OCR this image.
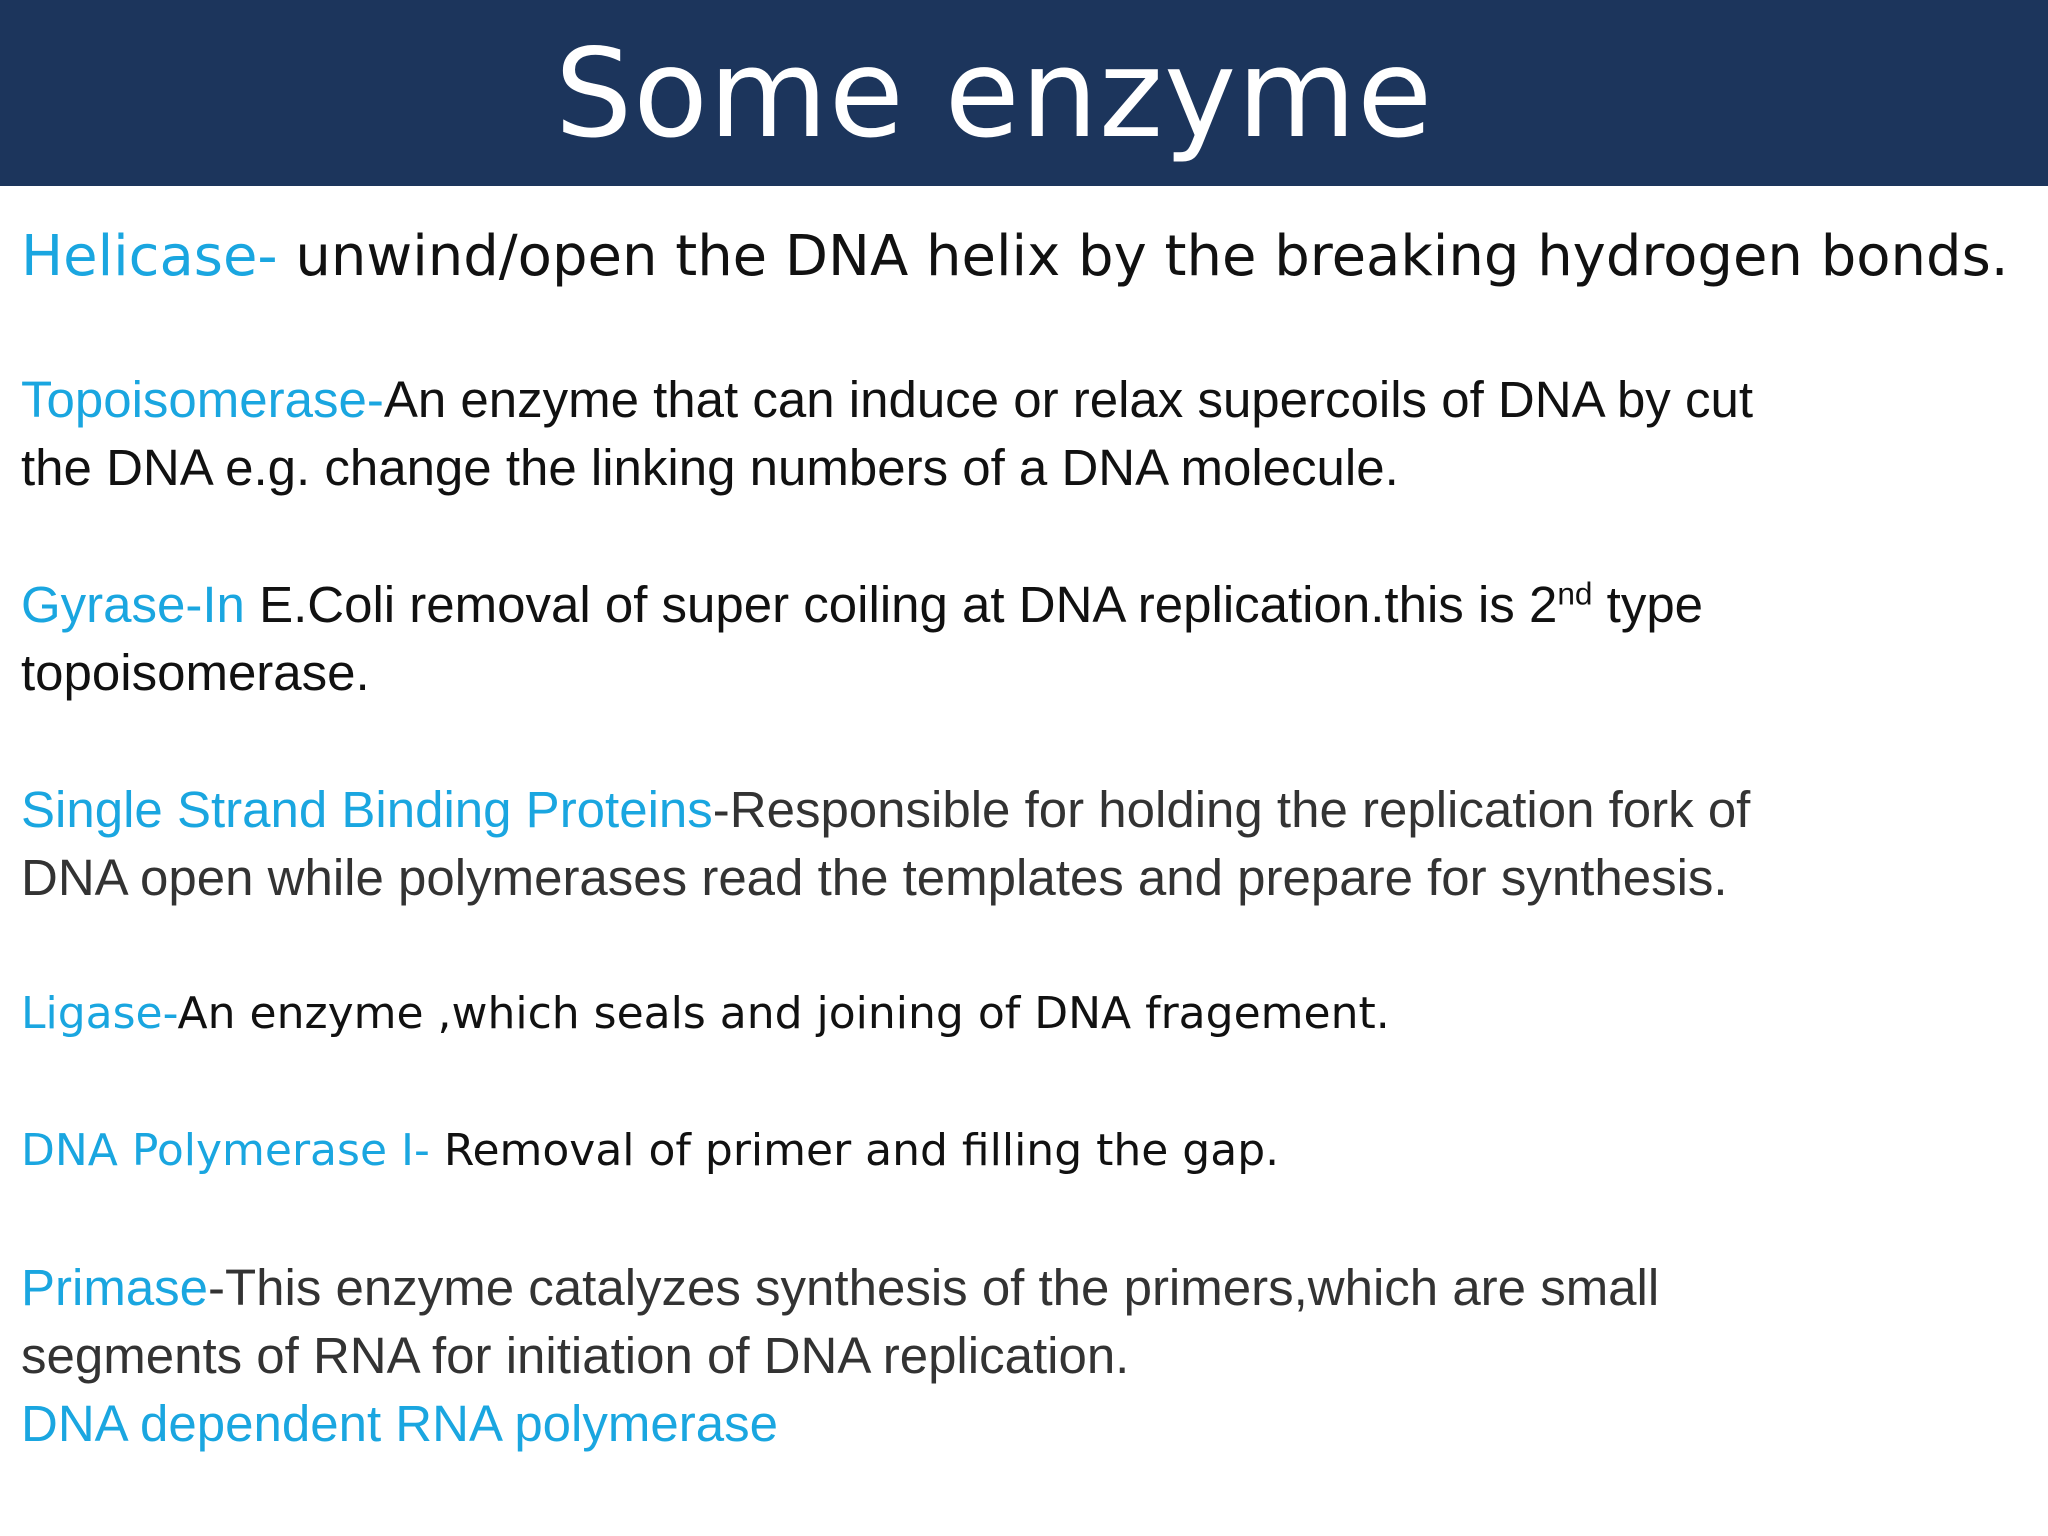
Some enzyme

Helicase- unwind/open the DNA helix by the breaking hydrogen bonds.

Topoisomerase-An enzyme that can induce or relax supercoils of DNA by cut
the DNA e.g. change the linking numbers of a DNA molecule.

Gyrase-In E.Coli removal of super coiling at DNA replication.this is 2nd type
topoisomerase.

Single Strand Binding Proteins-Responsible for holding the replication fork of
DNA open while polymerases read the templates and prepare for synthesis.

Ligase-An enzyme ,which seals and joining of DNA fragement.

DNA Polymerase I- Removal of primer and filling the gap.

Primase-This enzyme catalyzes synthesis of the primers,which are small
segments of RNA for initiation of DNA replication.
DNA dependent RNA polymerase
